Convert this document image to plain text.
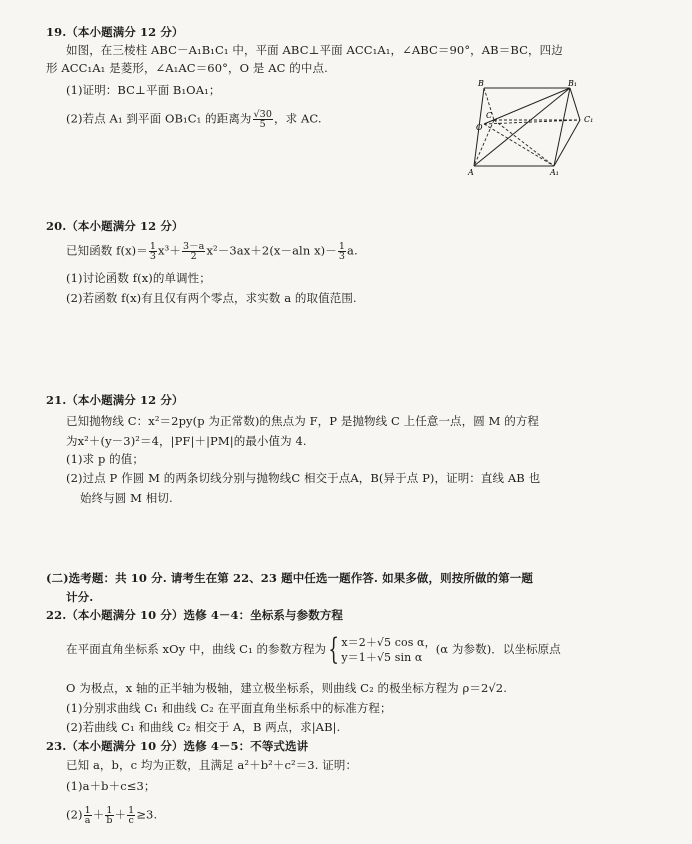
19.（本小题满分 12 分）
如图，在三棱柱 ABC－A₁B₁C₁ 中，平面 ABC⊥平面 ACC₁A₁，∠ABC＝90°，AB＝BC，四边
形 ACC₁A₁ 是菱形，∠A₁AC＝60°，O 是 AC 的中点.
(1)证明：BC⊥平面 B₁OA₁；
(2)若点 A₁ 到平面 OB₁C₁ 的距离为 $\frac{√30}{5}$ ，求 AC.
B	B₁
C	C₁
O
A	A₁
20.（本小题满分 12 分）
已知函数 $f(x)= \frac{1}{3} x^3+ \frac{3-a}{2} x^2-3ax+2(x-aln$ $x)- \frac{1}{3} a$.
(1)讨论函数 f(x)的单调性；
(2)若函数 f(x)有且仅有两个零点，求实数 a 的取值范围.
21.（本小题满分 12 分）
已知抛物线 C：x²＝2py(p 为正常数)的焦点为 F，P 是抛物线 C 上任意一点，圆 M 的方程
为x²＋(y－3)²＝4，|PF|＋|PM|的最小值为 4.
(1)求 p 的值；
(2)过点 P 作圆 M 的两条切线分别与抛物线C 相交于点A，B(异于点 P)，证明：直线 AB 也
始终与圆 M 相切.
(二)选考题：共 10 分. 请考生在第 22、23 题中任选一题作答. 如果多做，则按所做的第一题
计分.
22.（本小题满分 10 分）选修 4－4：坐标系与参数方程
在平面直角坐标系 xOy 中，曲线 C₁ 的参数方程为{ x＝2＋√5 cos α，
y＝1＋√5 sin α
(α 为参数)．以坐标原点
O 为极点，x 轴的正半轴为极轴，建立极坐标系，则曲线 C₂ 的极坐标方程为 ρ＝2√2.
(1)分别求曲线 C₁ 和曲线 C₂ 在平面直角坐标系中的标准方程；
(2)若曲线 C₁ 和曲线 C₂ 相交于 A，B 两点，求|AB|.
23.（本小题满分 10 分）选修 4－5：不等式选讲
已知 a，b，c 均为正数，且满足 a²＋b²＋c²＝3. 证明：
(1)a＋b＋c≤3；
$(2) \frac{1}{a} + \frac{1}{b} + \frac{1}{c} \ge 3$.
